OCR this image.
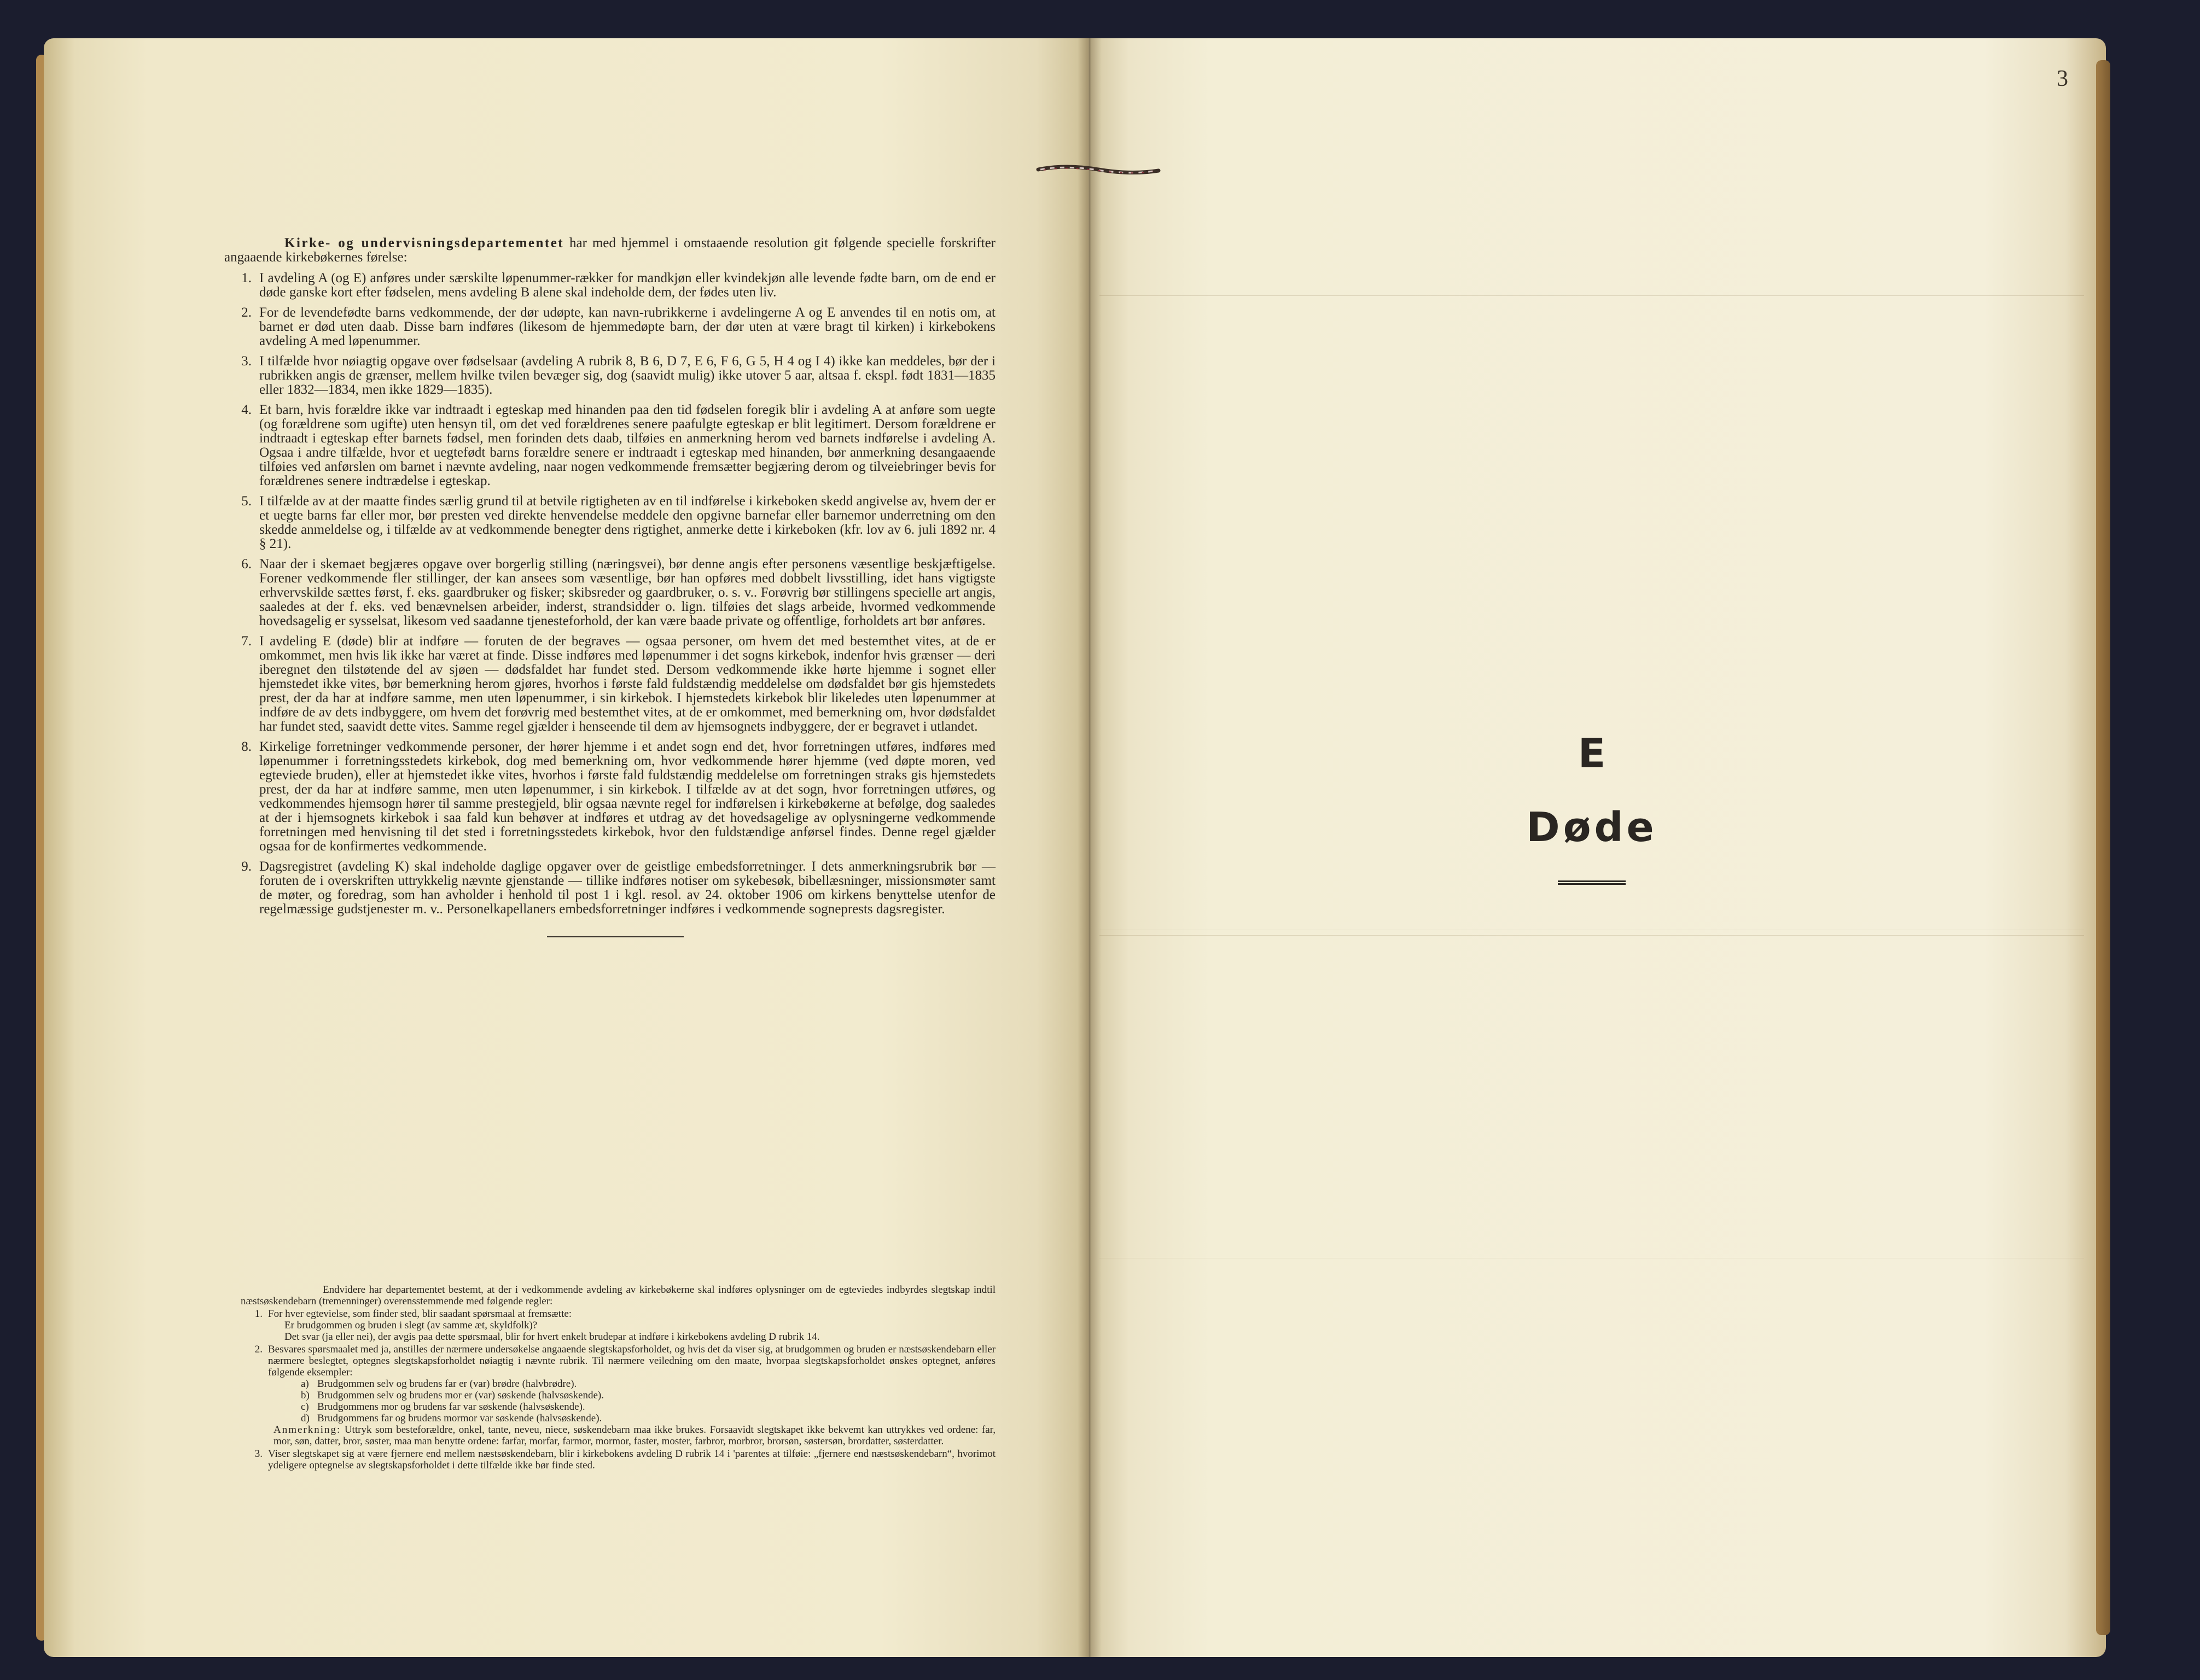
Kirke- og undervisningsdepartementet har med hjemmel i omstaaende resolution git følgende specielle forskrifter angaaende kirkebøkernes førelse:
1. I avdeling A (og E) anføres under særskilte løpenummer-rækker for mandkjøn eller kvindekjøn alle levende fødte barn, om de end er døde ganske kort efter fødselen, mens avdeling B alene skal indeholde dem, der fødes uten liv.
2. For de levendefødte barns vedkommende, der dør udøpte, kan navn-rubrikkerne i avdelingerne A og E anvendes til en notis om, at barnet er død uten daab. Disse barn indføres (likesom de hjemmedøpte barn, der dør uten at være bragt til kirken) i kirkebokens avdeling A med løpenummer.
3. I tilfælde hvor nøiagtig opgave over fødselsaar (avdeling A rubrik 8, B 6, D 7, E 6, F 6, G 5, H 4 og I 4) ikke kan meddeles, bør der i rubrikken angis de grænser, mellem hvilke tvilen bevæger sig, dog (saavidt mulig) ikke utover 5 aar, altsaa f. ekspl. født 1831—1835 eller 1832—1834, men ikke 1829—1835).
4. Et barn, hvis forældre ikke var indtraadt i egteskap med hinanden paa den tid fødselen foregik blir i avdeling A at anføre som uegte (og forældrene som ugifte) uten hensyn til, om det ved forældrenes senere paafulgte egteskap er blit legitimert. Dersom forældrene er indtraadt i egteskap efter barnets fødsel, men forinden dets daab, tilføies en anmerkning herom ved barnets indførelse i avdeling A. Ogsaa i andre tilfælde, hvor et uegtefødt barns forældre senere er indtraadt i egteskap med hinanden, bør anmerkning desangaaende tilføies ved anførslen om barnet i nævnte avdeling, naar nogen vedkommende fremsætter begjæring derom og tilveiebringer bevis for forældrenes senere indtrædelse i egteskap.
5. I tilfælde av at der maatte findes særlig grund til at betvile rigtigheten av en til indførelse i kirkeboken skedd angivelse av, hvem der er et uegte barns far eller mor, bør presten ved direkte henvendelse meddele den opgivne barnefar eller barnemor underretning om den skedde anmeldelse og, i tilfælde av at vedkommende benegter dens rigtighet, anmerke dette i kirkeboken (kfr. lov av 6. juli 1892 nr. 4 § 21).
6. Naar der i skemaet begjæres opgave over borgerlig stilling (næringsvei), bør denne angis efter personens væsentlige beskjæftigelse. Forener vedkommende fler stillinger, der kan ansees som væsentlige, bør han opføres med dobbelt livsstilling, idet hans vigtigste erhvervskilde sættes først, f. eks. gaardbruker og fisker; skibsreder og gaardbruker, o. s. v.. Forøvrig bør stillingens specielle art angis, saaledes at der f. eks. ved benævnelsen arbeider, inderst, strandsidder o. lign. tilføies det slags arbeide, hvormed vedkommende hovedsagelig er sysselsat, likesom ved saadanne tjenesteforhold, der kan være baade private og offentlige, forholdets art bør anføres.
7. I avdeling E (døde) blir at indføre — foruten de der begraves — ogsaa personer, om hvem det med bestemthet vites, at de er omkommet, men hvis lik ikke har været at finde. Disse indføres med løpenummer i det sogns kirkebok, indenfor hvis grænser — deri iberegnet den tilstøtende del av sjøen — dødsfaldet har fundet sted. Dersom vedkommende ikke hørte hjemme i sognet eller hjemstedet ikke vites, bør bemerkning herom gjøres, hvorhos i første fald fuldstændig meddelelse om dødsfaldet bør gis hjemstedets prest, der da har at indføre samme, men uten løpenummer, i sin kirkebok. I hjemstedets kirkebok blir likeledes uten løpenummer at indføre de av dets indbyggere, om hvem det forøvrig med bestemthet vites, at de er omkommet, med bemerkning om, hvor dødsfaldet har fundet sted, saavidt dette vites. Samme regel gjælder i henseende til dem av hjemsognets indbyggere, der er begravet i utlandet.
8. Kirkelige forretninger vedkommende personer, der hører hjemme i et andet sogn end det, hvor forretningen utføres, indføres med løpenummer i forretningsstedets kirkebok, dog med bemerkning om, hvor vedkommende hører hjemme (ved døpte moren, ved egteviede bruden), eller at hjemstedet ikke vites, hvorhos i første fald fuldstændig meddelelse om forretningen straks gis hjemstedets prest, der da har at indføre samme, men uten løpenummer, i sin kirkebok. I tilfælde av at det sogn, hvor forretningen utføres, og vedkommendes hjemsogn hører til samme prestegjeld, blir ogsaa nævnte regel for indførelsen i kirkebøkerne at befølge, dog saaledes at der i hjemsognets kirkebok i saa fald kun behøver at indføres et utdrag av det hovedsagelige av oplysningerne vedkommende forretningen med henvisning til det sted i forretningsstedets kirkebok, hvor den fuldstændige anførsel findes. Denne regel gjælder ogsaa for de konfirmertes vedkommende.
9. Dagsregistret (avdeling K) skal indeholde daglige opgaver over de geistlige embedsforretninger. I dets anmerkningsrubrik bør — foruten de i overskriften uttrykkelig nævnte gjenstande — tillike indføres notiser om sykebesøk, bibellæsninger, missionsmøter samt de møter, og foredrag, som han avholder i henhold til post 1 i kgl. resol. av 24. oktober 1906 om kirkens benyttelse utenfor de regelmæssige gudstjenester m. v.. Personelkapellaners embedsforretninger indføres i vedkommende sogneprests dagsregister.
Endvidere har departementet bestemt, at der i vedkommende avdeling av kirkebøkerne skal indføres oplysninger om de egteviedes indbyrdes slegtskap indtil næstsøskendebarn (tremenninger) overensstemmende med følgende regler:
1. For hver egtevielse, som finder sted, blir saadant spørsmaal at fremsætte:
Er brudgommen og bruden i slegt (av samme æt, skyldfolk)?
Det svar (ja eller nei), der avgis paa dette spørsmaal, blir for hvert enkelt brudepar at indføre i kirkebokens avdeling D rubrik 14.
2. Besvares spørsmaalet med ja, anstilles der nærmere undersøkelse angaaende slegtskapsforholdet, og hvis det da viser sig, at brudgommen og bruden er næstsøskendebarn eller nærmere beslegtet, optegnes slegtskapsforholdet nøiagtig i nævnte rubrik. Til nærmere veiledning om den maate, hvorpaa slegtskapsforholdet ønskes optegnet, anføres følgende eksempler:
a) Brudgommen selv og brudens far er (var) brødre (halvbrødre).
b) Brudgommen selv og brudens mor er (var) søskende (halvsøskende).
c) Brudgommens mor og brudens far var søskende (halvsøskende).
d) Brudgommens far og brudens mormor var søskende (halvsøskende).
Anmerkning: Uttryk som besteforældre, onkel, tante, neveu, niece, søskendebarn maa ikke brukes. Forsaavidt slegtskapet ikke bekvemt kan uttrykkes ved ordene: far, mor, søn, datter, bror, søster, maa man benytte ordene: farfar, morfar, farmor, mormor, faster, moster, farbror, morbror, brorsøn, søstersøn, brordatter, søsterdatter.
3. Viser slegtskapet sig at være fjernere end mellem næstsøskendebarn, blir i kirkebokens avdeling D rubrik 14 i 'parentes at tilføie: „fjernere end næstsøskendebarn“, hvorimot ydeligere optegnelse av slegtskapsforholdet i dette tilfælde ikke bør finde sted.
3
E
Døde
